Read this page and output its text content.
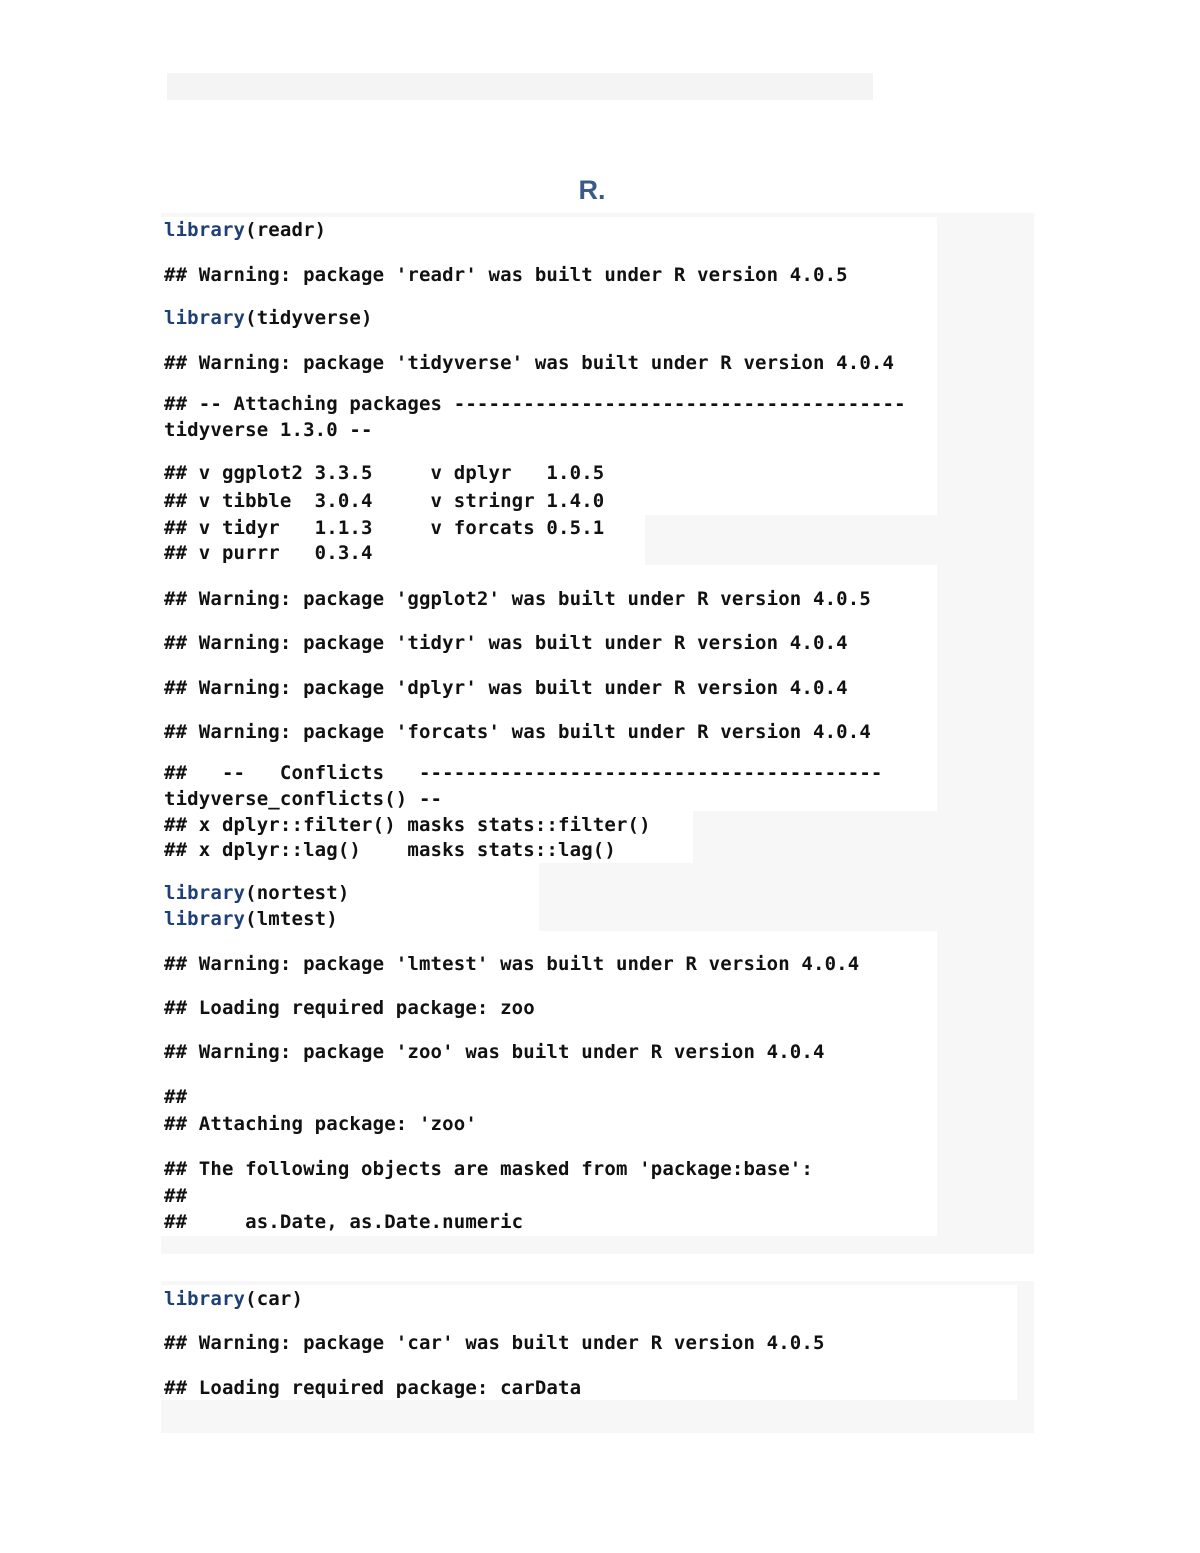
R.
library(readr)
## Warning: package 'readr' was built under R version 4.0.5
library(tidyverse)
## Warning: package 'tidyverse' was built under R version 4.0.4
## -- Attaching packages ---------------------------------------
tidyverse 1.3.0 --
## v ggplot2 3.3.5     v dplyr   1.0.5
## v tibble  3.0.4     v stringr 1.4.0
## v tidyr   1.1.3     v forcats 0.5.1
## v purrr   0.3.4
## Warning: package 'ggplot2' was built under R version 4.0.5
## Warning: package 'tidyr' was built under R version 4.0.4
## Warning: package 'dplyr' was built under R version 4.0.4
## Warning: package 'forcats' was built under R version 4.0.4
##   --   Conflicts   ----------------------------------------
tidyverse_conflicts() --
## x dplyr::filter() masks stats::filter()
## x dplyr::lag()    masks stats::lag()
library(nortest)
library(lmtest)
## Warning: package 'lmtest' was built under R version 4.0.4
## Loading required package: zoo
## Warning: package 'zoo' was built under R version 4.0.4
##
## Attaching package: 'zoo'
## The following objects are masked from 'package:base':
##
##     as.Date, as.Date.numeric
library(car)
## Warning: package 'car' was built under R version 4.0.5
## Loading required package: carData
